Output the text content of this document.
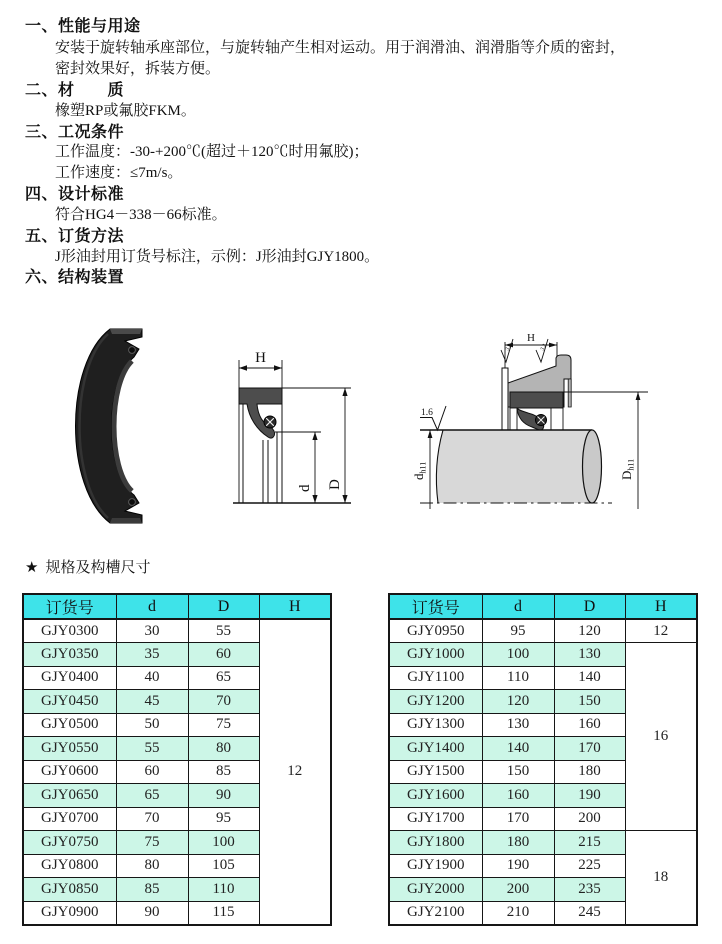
一、性能与用途
安装于旋转轴承座部位，与旋转轴产生相对运动。用于润滑油、润滑脂等介质的密封，
密封效果好，拆装方便。
二、材　　质
橡塑RP或氟胶FKM。
三、工况条件
工作温度：-30-+200℃(超过＋120℃时用氟胶)；
工作速度：≤7m/s。
四、设计标准
符合HG4－338－66标准。
五、订货方法
J形油封用订货号标注，示例：J形油封GJY1800。
六、结构装置
H
d D
H
3.2	3.2
1.6
dh11
Dh11
★ 规格及构槽尺寸
订货号	d	D	H
GJY0300	30	55	12
GJY0350	35	60	
GJY0400	40	65	
GJY0450	45	70	
GJY0500	50	75	
GJY0550	55	80	
GJY0600	60	85	
GJY0650	65	90	
GJY0700	70	95	
GJY0750	75	100	
GJY0800	80	105	
GJY0850	85	110	
GJY0900	90	115	
订货号	d	D	H
GJY0950	95	120	12
GJY1000	100	130	16
GJY1100	110	140	
GJY1200	120	150	
GJY1300	130	160	
GJY1400	140	170	
GJY1500	150	180	
GJY1600	160	190	
GJY1700	170	200	
GJY1800	180	215	18
GJY1900	190	225	
GJY2000	200	235	
GJY2100	210	245	
